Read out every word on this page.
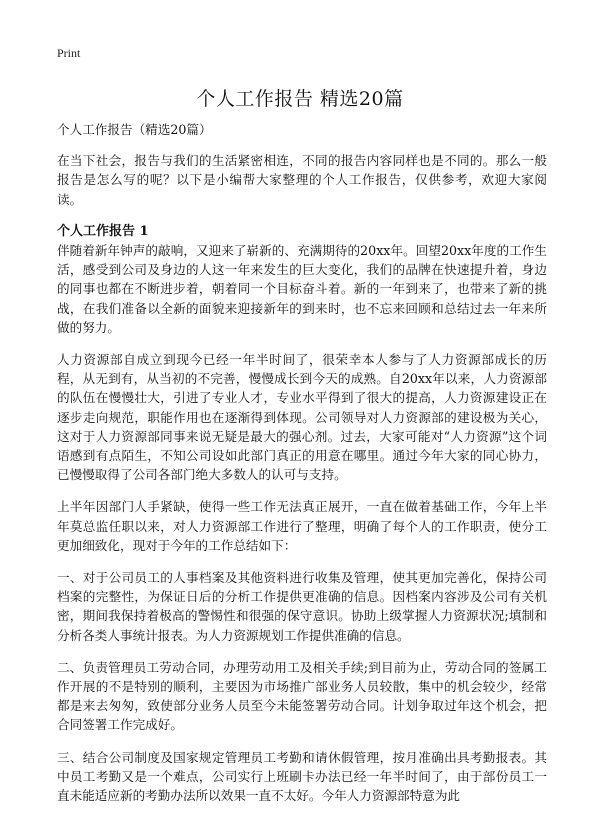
Print
个人工作报告 精选20篇

个人工作报告（精选20篇）

在当下社会，报告与我们的生活紧密相连，不同的报告内容同样也是不同的。那么一般报告是怎么写的呢？以下是小编帮大家整理的个人工作报告，仅供参考，欢迎大家阅读。

个人工作报告 1

伴随着新年钟声的敲响，又迎来了崭新的、充满期待的20xx年。回望20xx年度的工作生活，感受到公司及身边的人这一年来发生的巨大变化，我们的品牌在快速提升着，身边的同事也都在不断进步着，朝着同一个目标奋斗着。新的一年到来了，也带来了新的挑战，在我们准备以全新的面貌来迎接新年的到来时，也不忘来回顾和总结过去一年来所做的努力。

人力资源部自成立到现今已经一年半时间了，很荣幸本人参与了人力资源部成长的历程，从无到有，从当初的不完善，慢慢成长到今天的成熟。自20xx年以来，人力资源部的队伍在慢慢壮大，引进了专业人才，专业水平得到了很大的提高，人力资源建设正在逐步走向规范，职能作用也在逐渐得到体现。公司领导对人力资源部的建设极为关心，这对于人力资源部同事来说无疑是最大的强心剂。过去，大家可能对“人力资源”这个词语感到有点陌生，不知公司设如此部门真正的用意在哪里。通过今年大家的同心协力，已慢慢取得了公司各部门绝大多数人的认可与支持。

上半年因部门人手紧缺，使得一些工作无法真正展开，一直在做着基础工作，今年上半年莫总监任职以来，对人力资源部工作进行了整理，明确了每个人的工作职责，使分工更加细致化，现对于今年的工作总结如下：

一、对于公司员工的人事档案及其他资料进行收集及管理，使其更加完善化，保持公司档案的完整性，为保证日后的分析工作提供更准确的信息。因档案内容涉及公司有关机密，期间我保持着极高的警惕性和很强的保守意识。协助上级掌握人力资源状况;填制和分析各类人事统计报表。为人力资源规划工作提供准确的信息。

二、负责管理员工劳动合同，办理劳动用工及相关手续;到目前为止，劳动合同的签属工作开展的不是特别的顺利，主要因为市场推广部业务人员较散，集中的机会较少，经常都是来去匆匆，致使部分业务人员至今未能签署劳动合同。计划争取过年这个机会，把合同签署工作完成好。

三、结合公司制度及国家规定管理员工考勤和请休假管理，按月准确出具考勤报表。其中员工考勤又是一个难点，公司实行上班刷卡办法已经一年半时间了，由于部份员工一直未能适应新的考勤办法所以效果一直不太好。今年人力资源部特意为此
